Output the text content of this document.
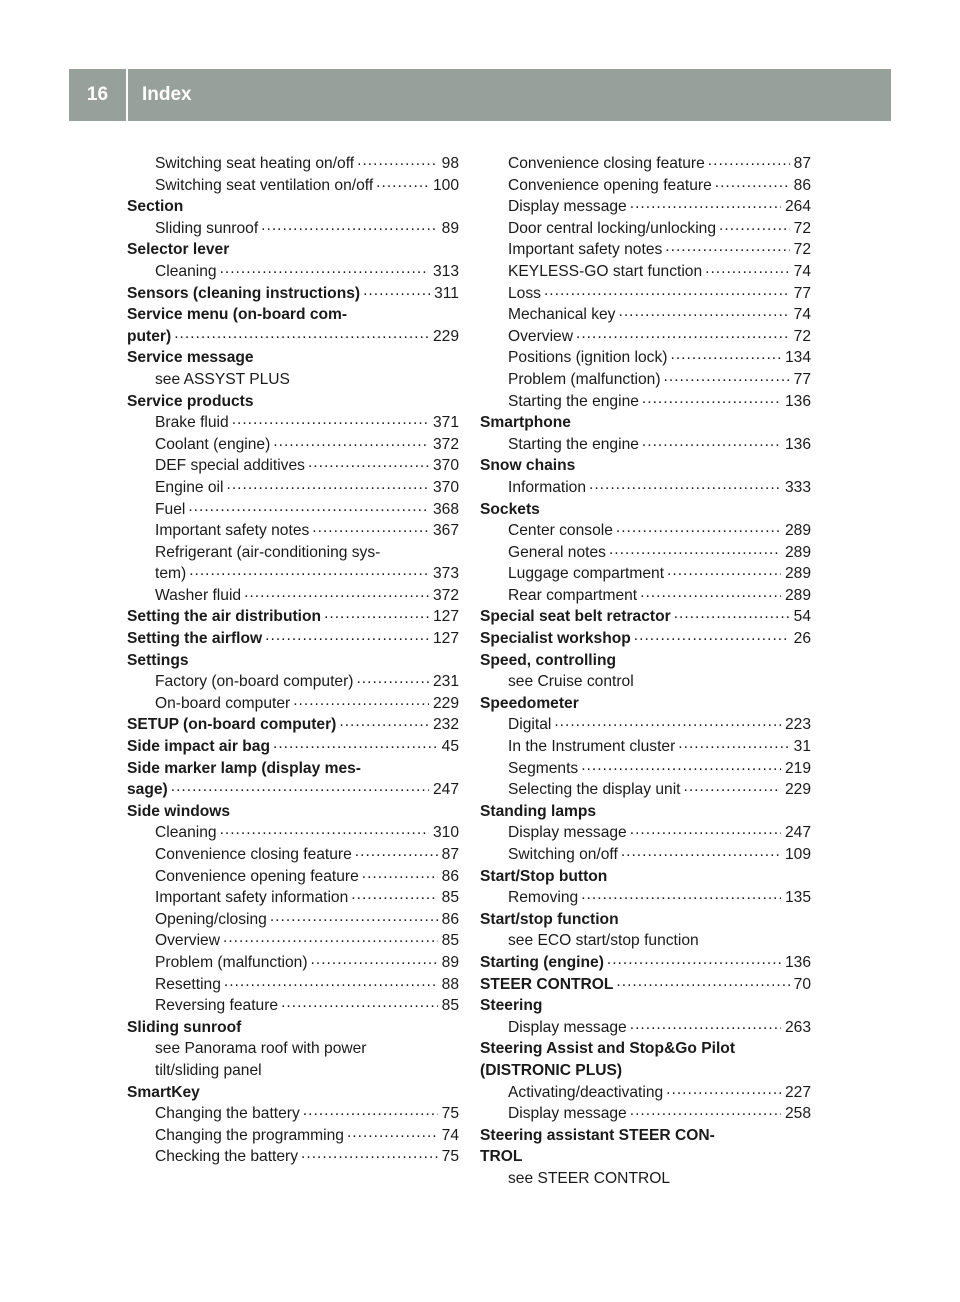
16	Index
Switching seat heating on/off .....	98
Switching seat ventilation on/off .....	100
Section
Sliding sunroof .....	89
Selector lever
Cleaning .....	313
Sensors (cleaning instructions) .....	311
Service menu (on-board com-
puter) .....	229
Service message
see ASSYST PLUS
Service products
Brake fluid .....	371
Coolant (engine) .....	372
DEF special additives .....	370
Engine oil .....	370
Fuel .....	368
Important safety notes .....	367
Refrigerant (air-conditioning sys-
tem) .....	373
Washer fluid .....	372
Setting the air distribution .....	127
Setting the airflow .....	127
Settings
Factory (on-board computer) .....	231
On-board computer .....	229
SETUP (on-board computer) .....	232
Side impact air bag .....	45
Side marker lamp (display mes-
sage) .....	247
Side windows
Cleaning .....	310
Convenience closing feature .....	87
Convenience opening feature .....	86
Important safety information .....	85
Opening/closing .....	86
Overview .....	85
Problem (malfunction) .....	89
Resetting .....	88
Reversing feature .....	85
Sliding sunroof
see Panorama roof with power
tilt/sliding panel
SmartKey
Changing the battery .....	75
Changing the programming .....	74
Checking the battery .....	75
Convenience closing feature .....	87
Convenience opening feature .....	86
Display message .....	264
Door central locking/unlocking .....	72
Important safety notes .....	72
KEYLESS-GO start function .....	74
Loss .....	77
Mechanical key .....	74
Overview .....	72
Positions (ignition lock) .....	134
Problem (malfunction) .....	77
Starting the engine .....	136
Smartphone
Starting the engine .....	136
Snow chains
Information .....	333
Sockets
Center console .....	289
General notes .....	289
Luggage compartment .....	289
Rear compartment .....	289
Special seat belt retractor .....	54
Specialist workshop .....	26
Speed, controlling
see Cruise control
Speedometer
Digital .....	223
In the Instrument cluster .....	31
Segments .....	219
Selecting the display unit .....	229
Standing lamps
Display message .....	247
Switching on/off .....	109
Start/Stop button
Removing .....	135
Start/stop function
see ECO start/stop function
Starting (engine) .....	136
STEER CONTROL .....	70
Steering
Display message .....	263
Steering Assist and Stop&Go Pilot
(DISTRONIC PLUS)
Activating/deactivating .....	227
Display message .....	258
Steering assistant STEER CON-
TROL
see STEER CONTROL
